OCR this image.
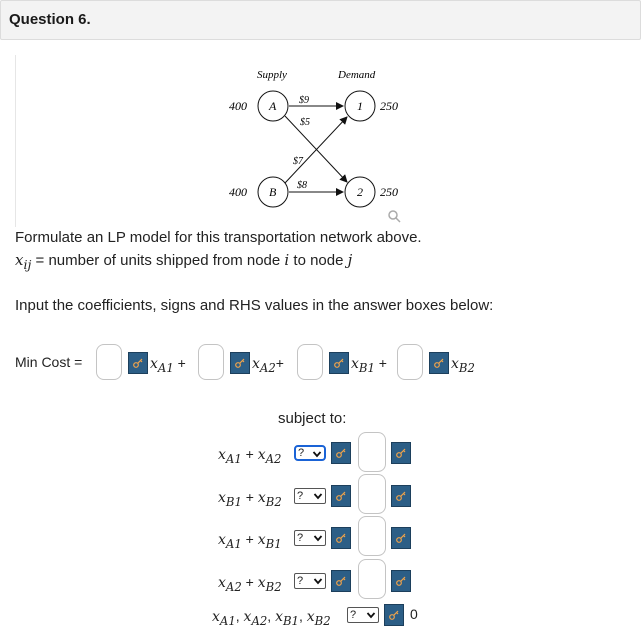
Question 6.
Supply	Demand
$9
$5
$7
$8
400 A
400 B
1 250
2 250
Formulate an LP model for this transportation network above.
$x_{ij}$ = number of units shipped from node i to node j
Input the coefficients, signs and RHS values in the answer boxes below:
Min Cost =	$x_{A1}$ +	$x_{A2}+$	$x_{B1}$ +	$x_{B2}$
subject to:
$x_{A1} + x_{A2}$ ?
$x_{B1} + x_{B2}$ ?
$x_{A1} + x_{B1}$ ?
$x_{A2} + x_{B2}$ ?
$x_{A1}$, $x_{A2}$, $x_{B1}$, $x_{B2}$ ?	0
